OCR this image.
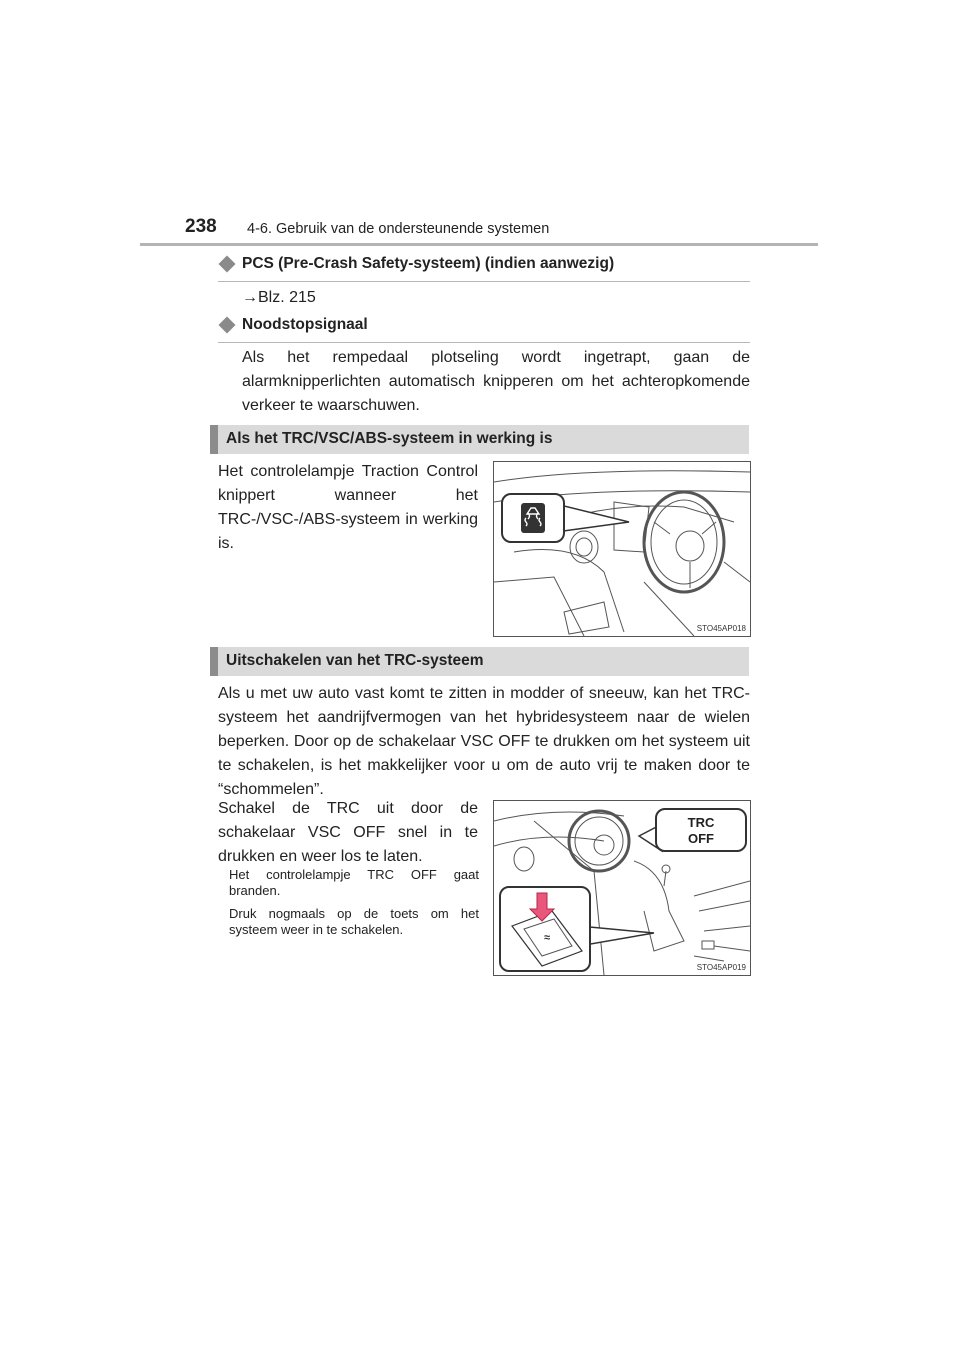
238 4-6. Gebruik van de ondersteunende systemen
PCS (Pre-Crash Safety-systeem) (indien aanwezig)
→Blz. 215
Noodstopsignaal
Als het rempedaal plotseling wordt ingetrapt, gaan de alarmknipperlichten automatisch knipperen om het achteropkomende verkeer te waarschuwen.
Als het TRC/VSC/ABS-systeem in werking is
Het controlelampje Traction Control knippert wanneer het TRC-/VSC-/ABS-systeem in werking is.
STO45AP018
Uitschakelen van het TRC-systeem
Als u met uw auto vast komt te zitten in modder of sneeuw, kan het TRC-systeem het aandrijfvermogen van het hybridesysteem naar de wielen beperken. Door op de schakelaar VSC OFF te drukken om het systeem uit te schakelen, is het makkelijker voor u om de auto vrij te maken door te “schommelen”.
Schakel de TRC uit door de schakelaar VSC OFF snel in te drukken en weer los te laten.
Het controlelampje TRC OFF gaat branden.
Druk nogmaals op de toets om het systeem weer in te schakelen.
TRC
OFF
≈
STO45AP019
